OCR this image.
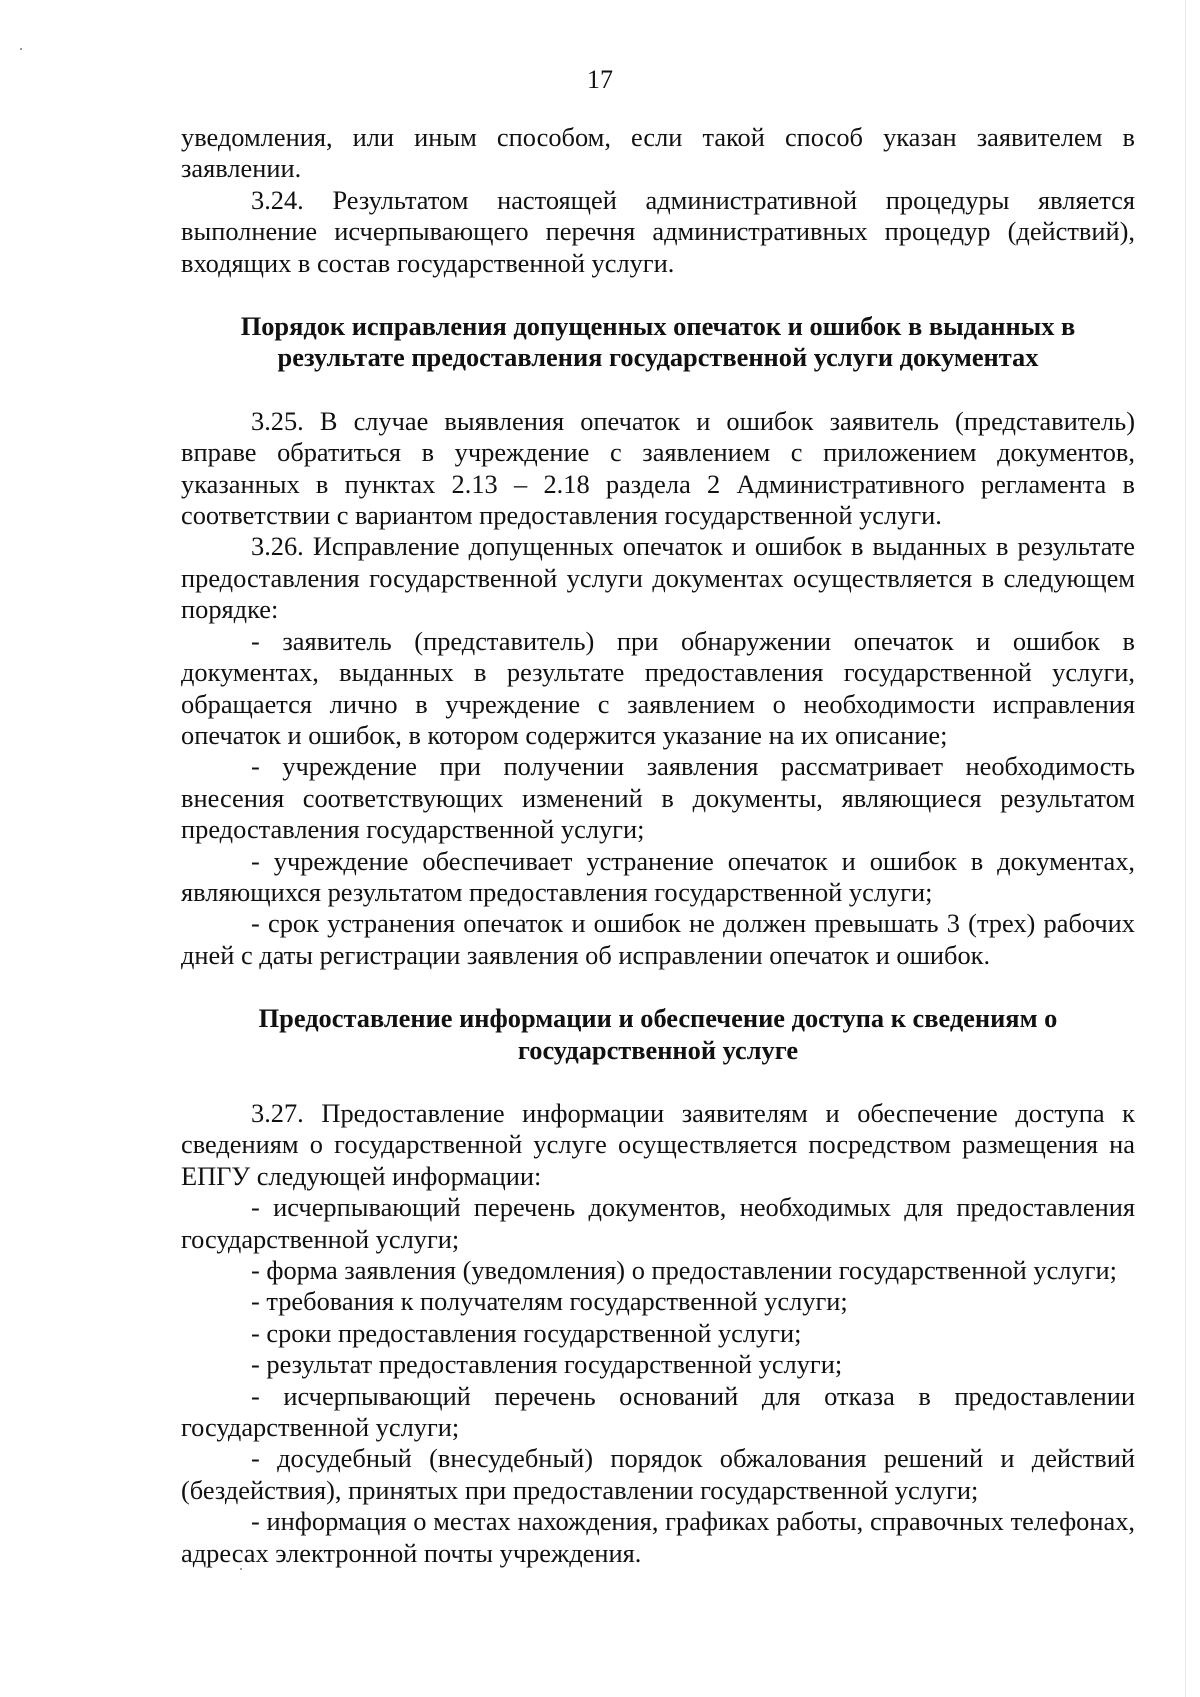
17

уведомления, или иным способом, если такой способ указан заявителем в заявлении.

3.24. Результатом настоящей административной процедуры является выполнение исчерпывающего перечня административных процедур (действий), входящих в состав государственной услуги.

Порядок исправления допущенных опечаток и ошибок в выданных в результате предоставления государственной услуги документах

3.25. В случае выявления опечаток и ошибок заявитель (представитель) вправе обратиться в учреждение с заявлением с приложением документов, указанных в пунктах 2.13 – 2.18 раздела 2 Административного регламента в соответствии с вариантом предоставления государственной услуги.

3.26. Исправление допущенных опечаток и ошибок в выданных в результате предоставления государственной услуги документах осуществляется в следующем порядке:

- заявитель (представитель) при обнаружении опечаток и ошибок в документах, выданных в результате предоставления государственной услуги, обращается лично в учреждение с заявлением о необходимости исправления опечаток и ошибок, в котором содержится указание на их описание;

- учреждение при получении заявления рассматривает необходимость внесения соответствующих изменений в документы, являющиеся результатом предоставления государственной услуги;

- учреждение обеспечивает устранение опечаток и ошибок в документах, являющихся результатом предоставления государственной услуги;

- срок устранения опечаток и ошибок не должен превышать 3 (трех) рабочих дней с даты регистрации заявления об исправлении опечаток и ошибок.

Предоставление информации и обеспечение доступа к сведениям о государственной услуге

3.27. Предоставление информации заявителям и обеспечение доступа к сведениям о государственной услуге осуществляется посредством размещения на ЕПГУ следующей информации:

- исчерпывающий перечень документов, необходимых для предоставления государственной услуги;

- форма заявления (уведомления) о предоставлении государственной услуги;

- требования к получателям государственной услуги;

- сроки предоставления государственной услуги;

- результат предоставления государственной услуги;

- исчерпывающий перечень оснований для отказа в предоставлении государственной услуги;

- досудебный (внесудебный) порядок обжалования решений и действий (бездействия), принятых при предоставлении государственной услуги;

- информация о местах нахождения, графиках работы, справочных телефонах, адресах электронной почты учреждения.
